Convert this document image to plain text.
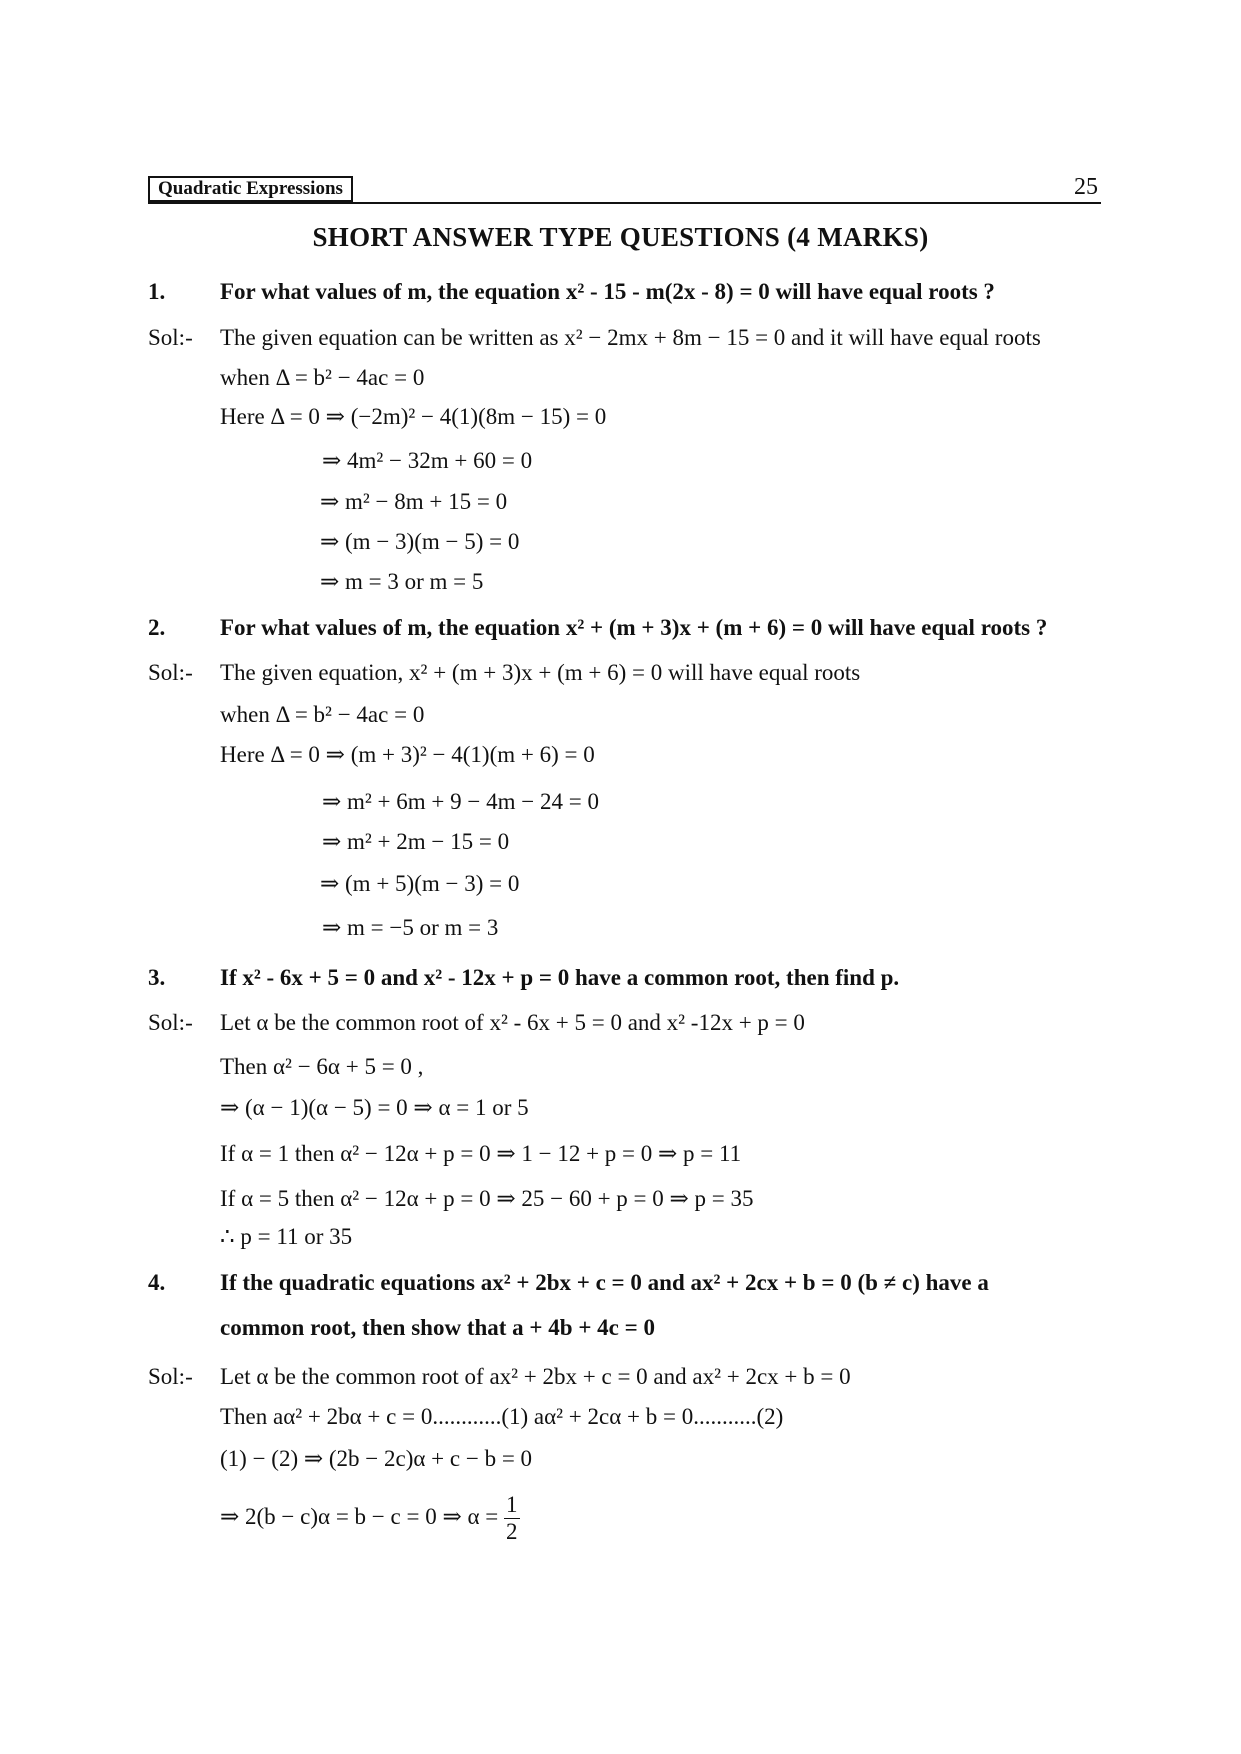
Quadratic Expressions	25
SHORT ANSWER TYPE QUESTIONS (4 MARKS)
1. For what values of m, the equation x² - 15 - m(2x - 8) = 0 will have equal roots ?
Sol:- The given equation can be written as x² − 2mx + 8m − 15 = 0 and it will have equal roots
when Δ = b² − 4ac = 0
Here Δ = 0 ⇒ (−2m)² − 4(1)(8m − 15) = 0
⇒ 4m² − 32m + 60 = 0
⇒ m² − 8m + 15 = 0
⇒ (m − 3)(m − 5) = 0
⇒ m = 3 or m = 5
2. For what values of m, the equation x² + (m + 3)x + (m + 6) = 0 will have equal roots ?
Sol:- The given equation, x² + (m + 3)x + (m + 6) = 0 will have equal roots
when Δ = b² − 4ac = 0
Here Δ = 0 ⇒ (m + 3)² − 4(1)(m + 6) = 0
⇒ m² + 6m + 9 − 4m − 24 = 0
⇒ m² + 2m − 15 = 0
⇒ (m + 5)(m − 3) = 0
⇒ m = −5 or m = 3
3. If x² - 6x + 5 = 0 and x² - 12x + p = 0 have a common root, then find p.
Sol:- Let α be the common root of x² - 6x + 5 = 0 and x² -12x + p = 0
Then α² − 6α + 5 = 0 ,
⇒ (α − 1)(α − 5) = 0 ⇒ α = 1 or 5
If α = 1 then α² − 12α + p = 0 ⇒ 1 − 12 + p = 0 ⇒ p = 11
If α = 5 then α² − 12α + p = 0 ⇒ 25 − 60 + p = 0 ⇒ p = 35
∴ p = 11 or 35
4. If the quadratic equations ax² + 2bx + c = 0 and ax² + 2cx + b = 0 (b ≠ c) have a
common root, then show that a + 4b + 4c = 0
Sol:- Let α be the common root of ax² + 2bx + c = 0 and ax² + 2cx + b = 0
Then aα² + 2bα + c = 0............(1) aα² + 2cα + b = 0...........(2)
(1) − (2) ⇒ (2b − 2c)α + c − b = 0
⇒ 2(b − c)α = b − c = 0 ⇒ $\alpha = \frac{1}{2}$
